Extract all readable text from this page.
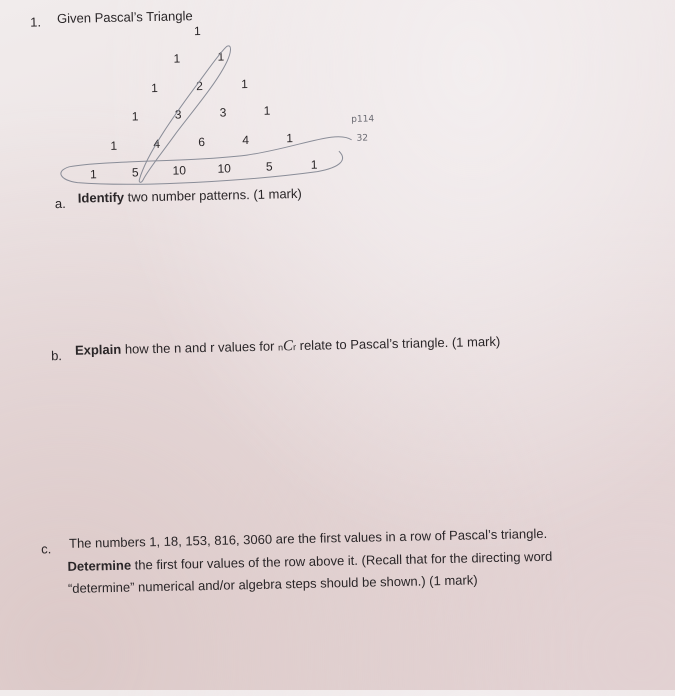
1. Given Pascal’s Triangle
1
1	1
1	2	1
1	3	3	1
1	4	6	4	1
1	5	10	10	5	1
p114
32
a. Identify two number patterns. (1 mark)
b. Explain how the n and r values for nCr relate to Pascal’s triangle. (1 mark)
c. The numbers 1, 18, 153, 816, 3060 are the first values in a row of Pascal’s triangle.
Determine the first four values of the row above it. (Recall that for the directing word
“determine” numerical and/or algebra steps should be shown.) (1 mark)
